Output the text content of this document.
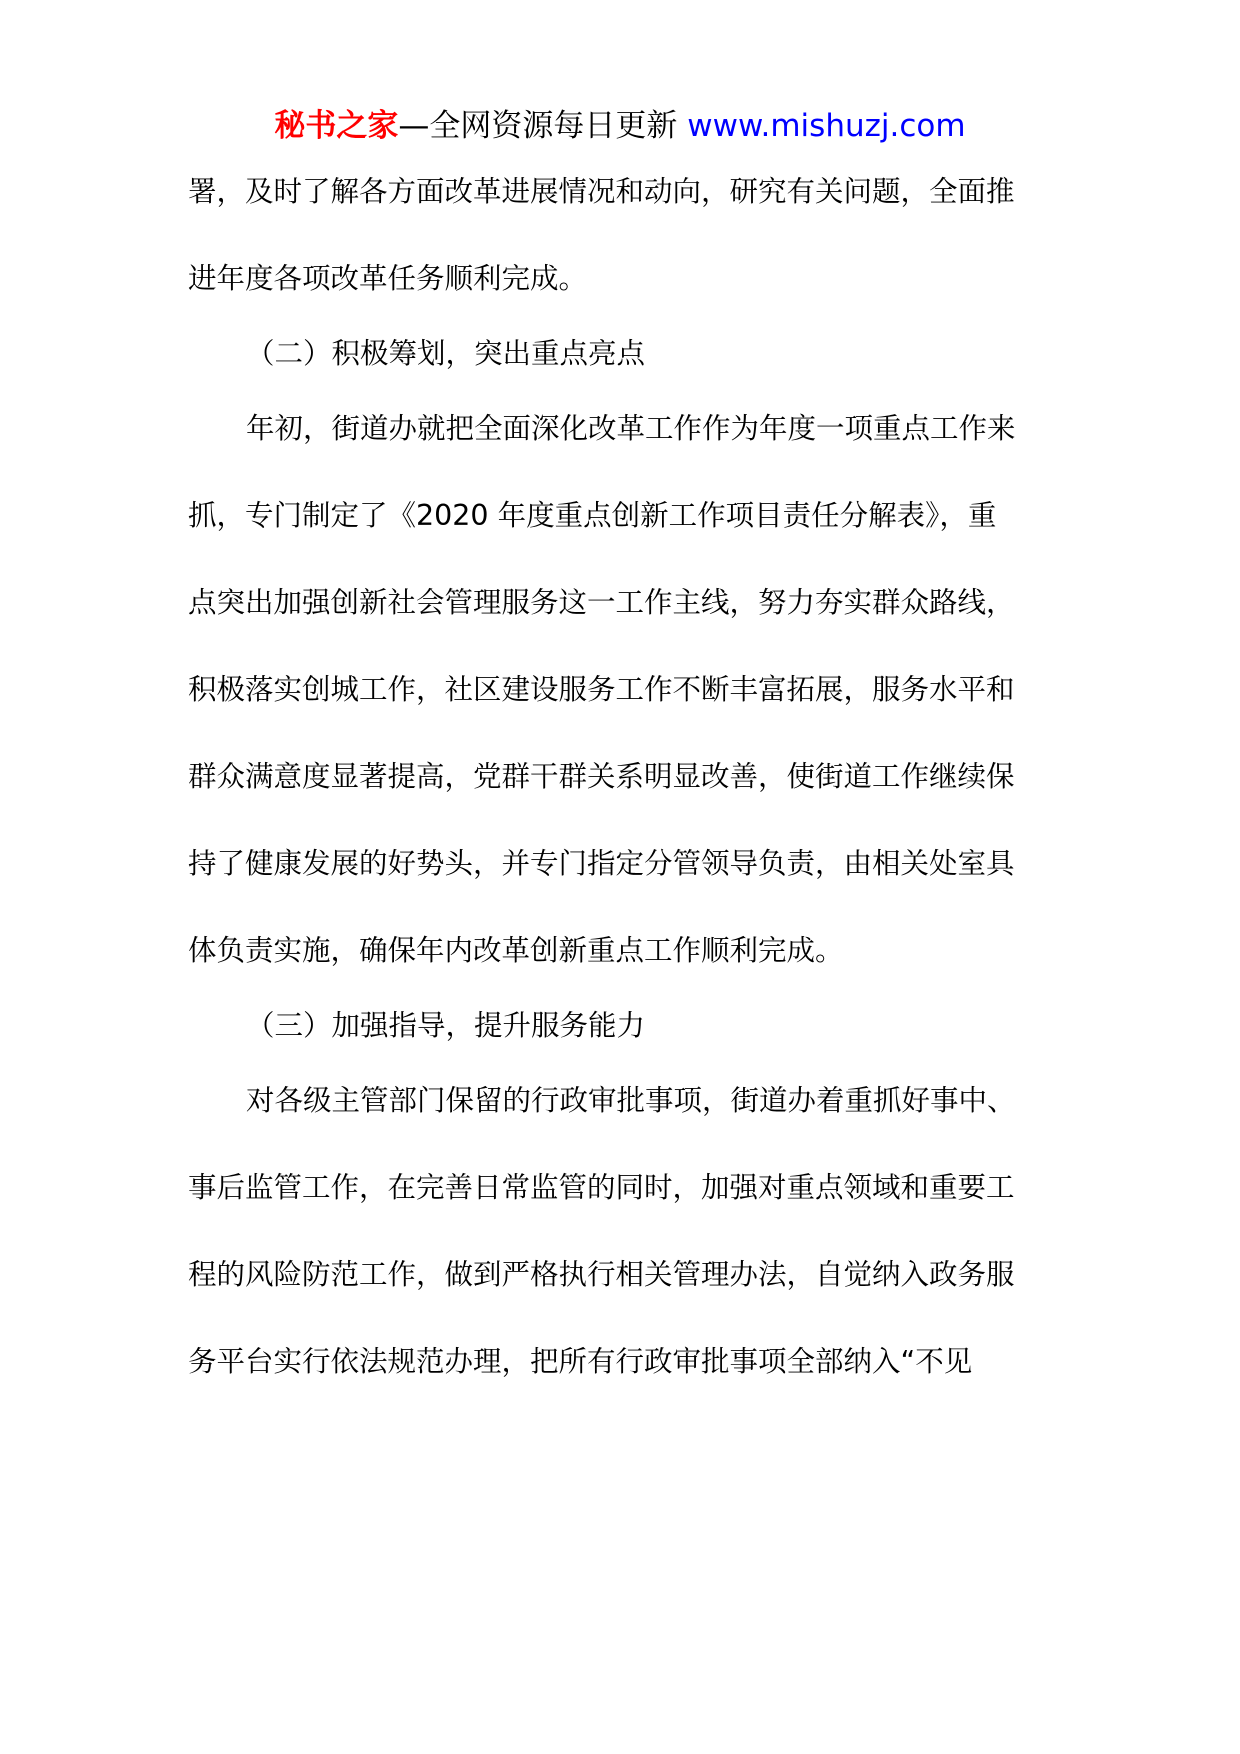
秘书之家—全网资源每日更新 www.mishuzj.com
署，及时了解各方面改革进展情况和动向，研究有关问题，全面推
进年度各项改革任务顺利完成。
（二）积极筹划，突出重点亮点
年初，街道办就把全面深化改革工作作为年度一项重点工作来
抓，专门制定了《2020 年度重点创新工作项目责任分解表》，重
点突出加强创新社会管理服务这一工作主线，努力夯实群众路线，
积极落实创城工作，社区建设服务工作不断丰富拓展，服务水平和
群众满意度显著提高，党群干群关系明显改善，使街道工作继续保
持了健康发展的好势头，并专门指定分管领导负责，由相关处室具
体负责实施，确保年内改革创新重点工作顺利完成。
（三）加强指导，提升服务能力
对各级主管部门保留的行政审批事项，街道办着重抓好事中、
事后监管工作，在完善日常监管的同时，加强对重点领域和重要工
程的风险防范工作，做到严格执行相关管理办法，自觉纳入政务服
务平台实行依法规范办理，把所有行政审批事项全部纳入“不见
